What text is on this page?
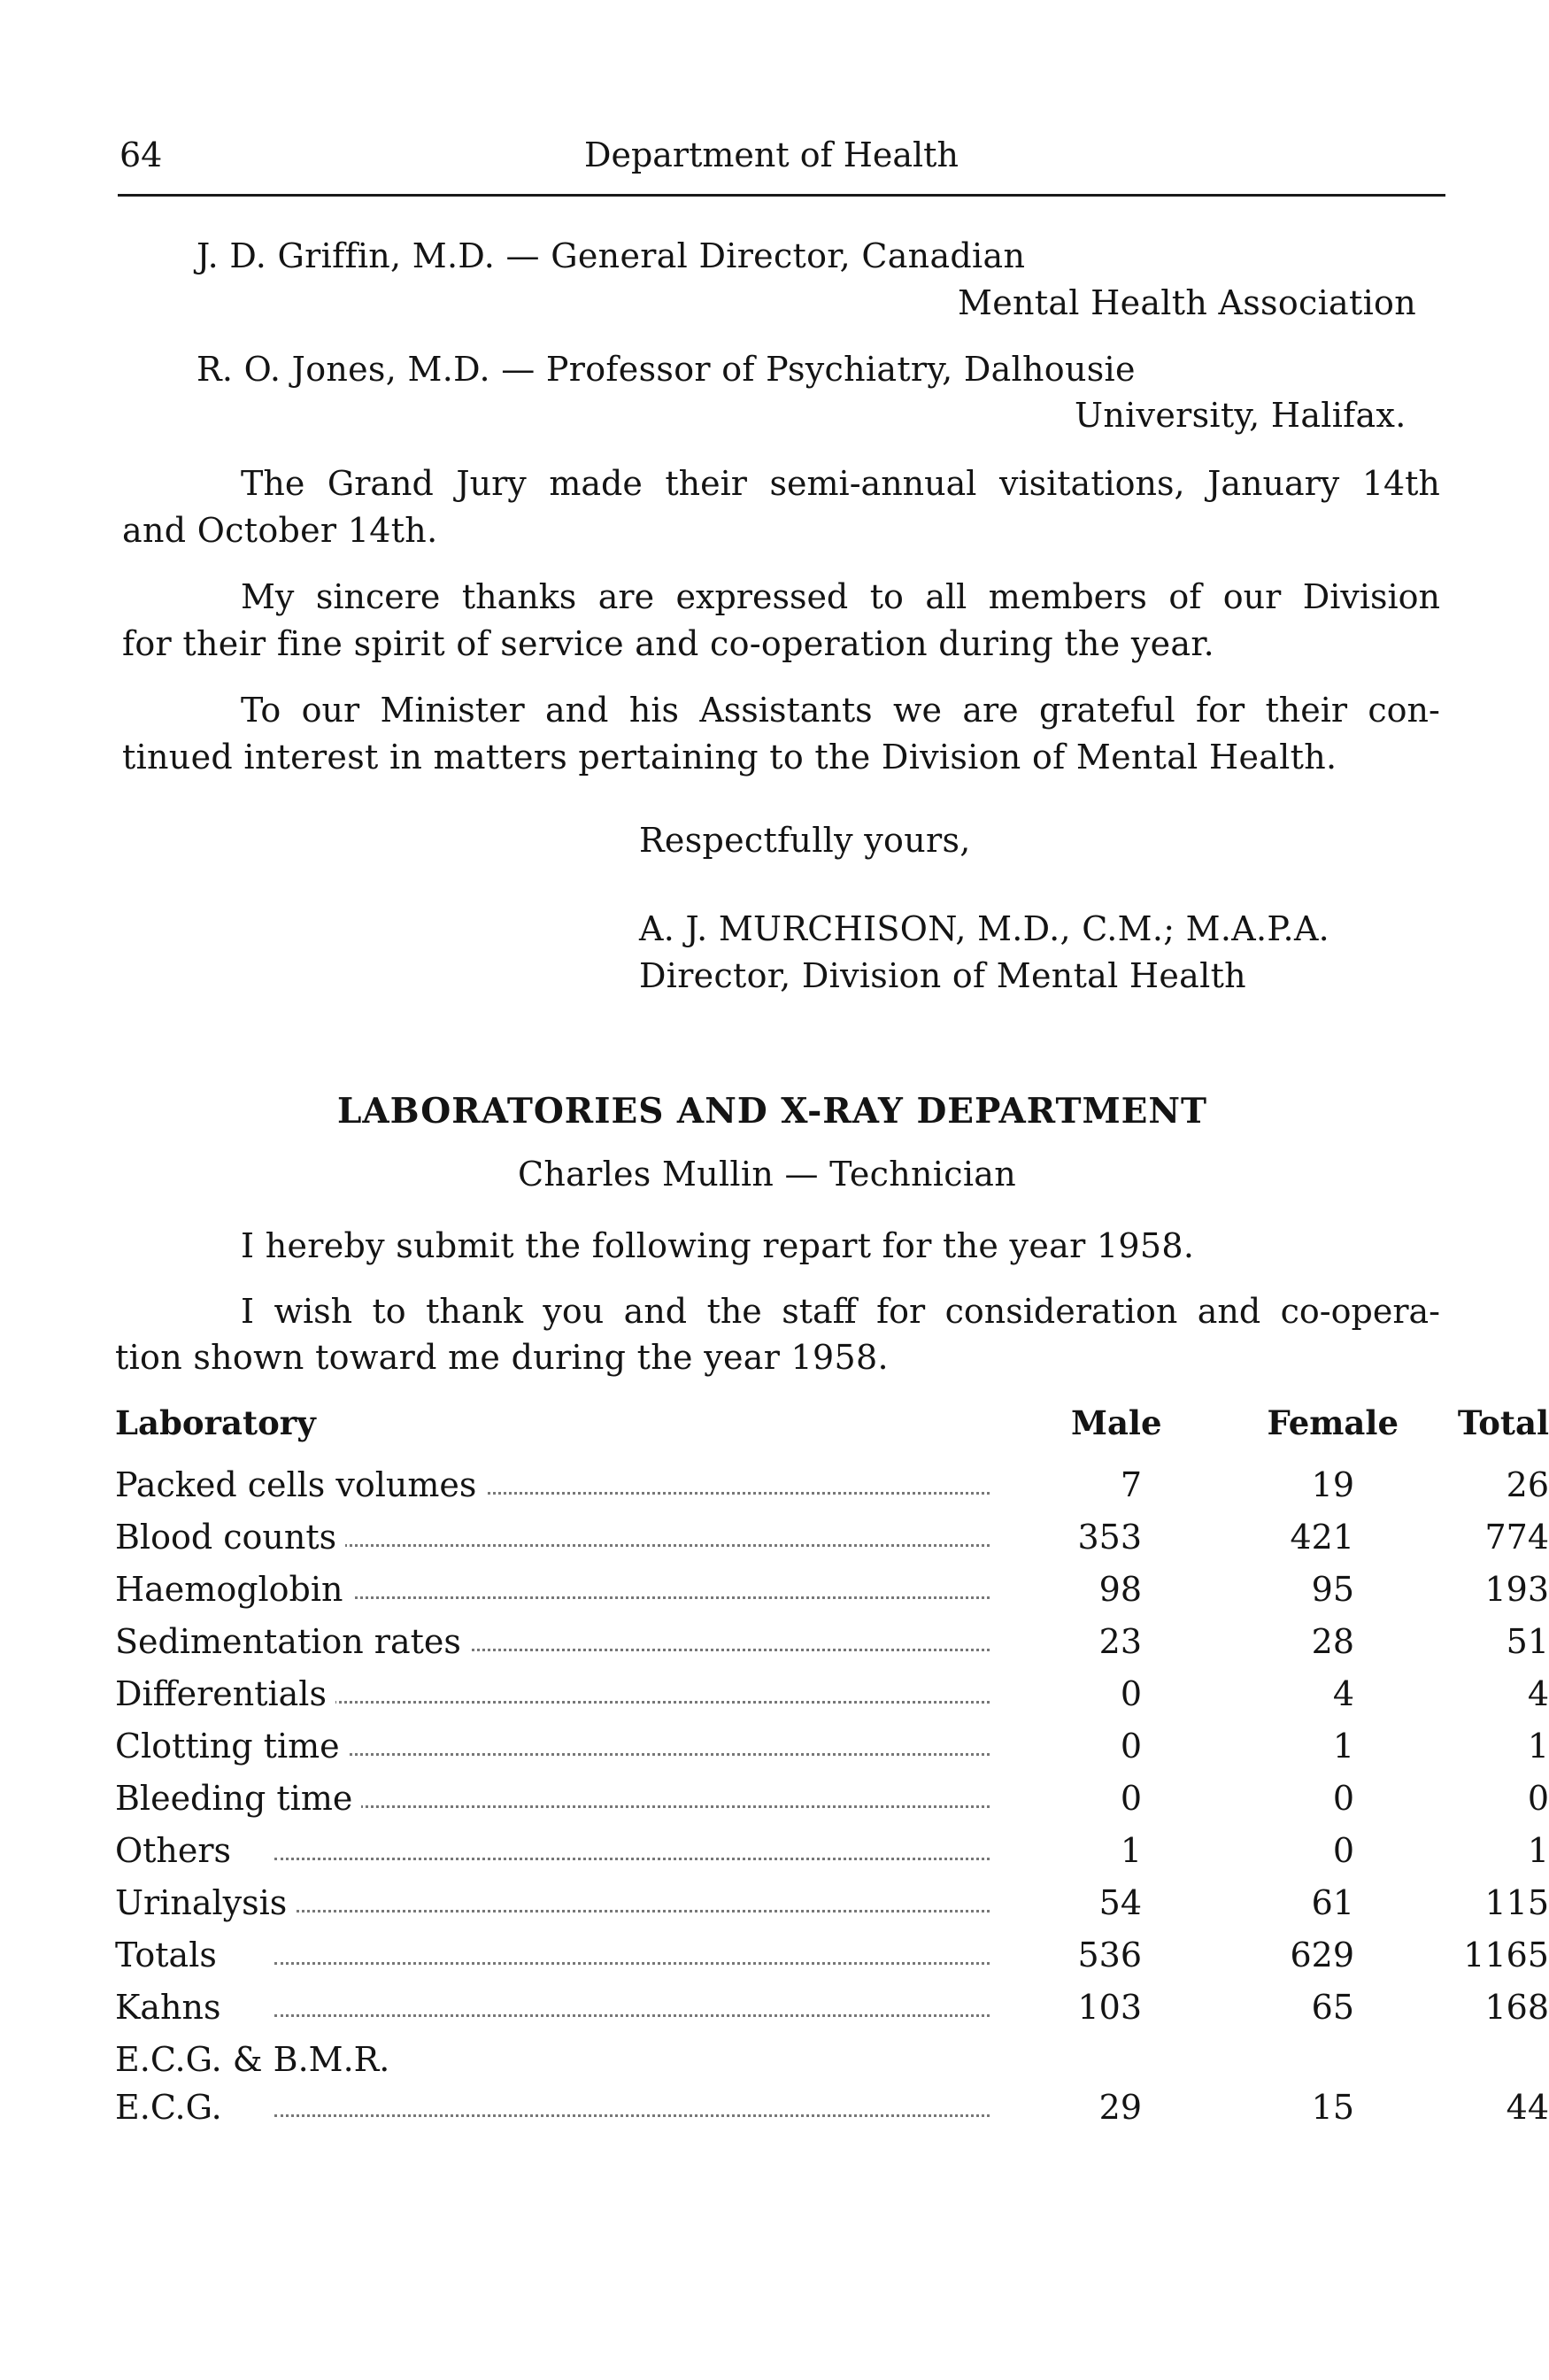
64	Department of Health
J. D. Griffin, M.D. — General Director, Canadian
Mental Health Association
R. O. Jones, M.D. — Professor of Psychiatry, Dalhousie
University, Halifax.
The Grand Jury made their semi-annual visitations, January 14th
and October 14th.
My sincere thanks are expressed to all members of our Division
for their fine spirit of service and co-operation during the year.
To our Minister and his Assistants we are grateful for their con-
tinued interest in matters pertaining to the Division of Mental Health.
Respectfully yours,
A. J. MURCHISON, M.D., C.M.; M.A.P.A.
Director, Division of Mental Health
LABORATORIES AND X-RAY DEPARTMENT
Charles Mullin — Technician
I hereby submit the following repart for the year 1958.
I wish to thank you and the staff for consideration and co-opera-
tion shown toward me during the year 1958.
Laboratory	Male	Female	Total
Packed cells volumes	7	19	26
Blood counts	353	421	774
Haemoglobin	98	95	193
Sedimentation rates	23	28	51
Differentials	0	4	4
Clotting time	0	1	1
Bleeding time	0	0	0
Others	1	0	1
Urinalysis	54	61	115
Totals	536	629	1165
Kahns	103	65	168
E.C.G. & B.M.R.
E.C.G.	29	15	44
